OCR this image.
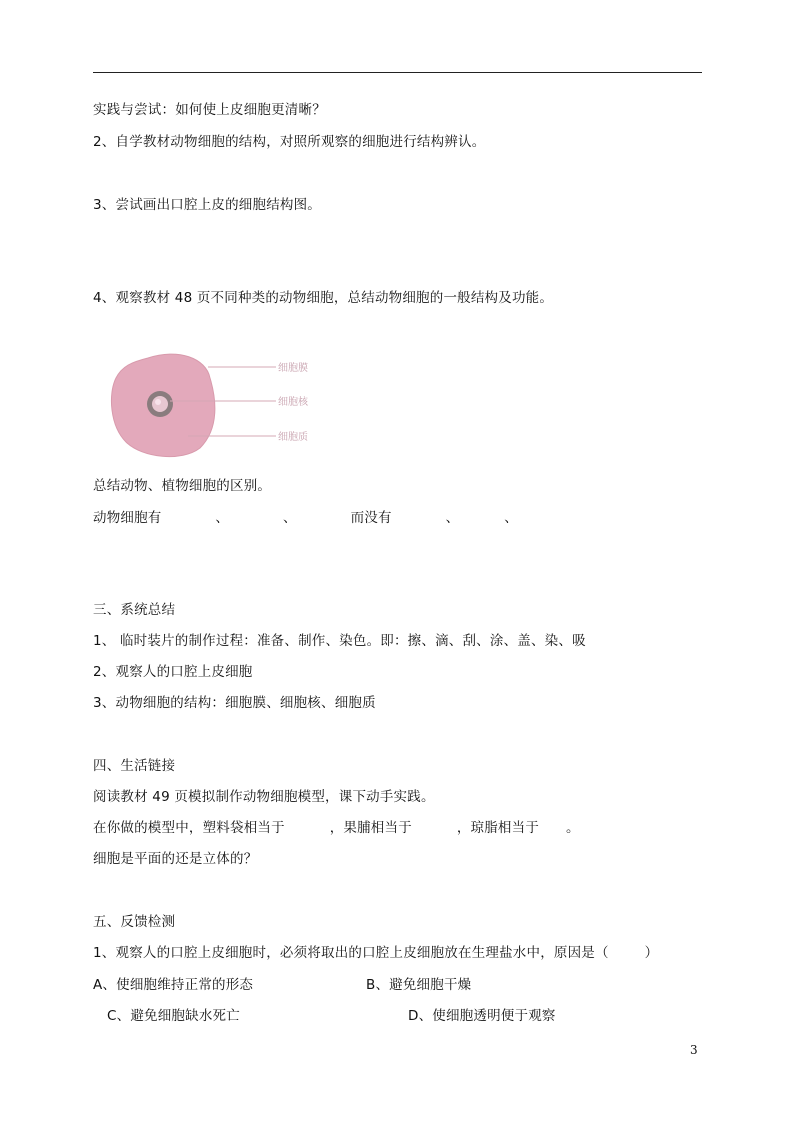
实践与尝试：如何使上皮细胞更清晰？
2、自学教材动物细胞的结构，对照所观察的细胞进行结构辨认。
3、尝试画出口腔上皮的细胞结构图。
4、观察教材 48 页不同种类的动物细胞，总结动物细胞的一般结构及功能。
细胞膜
细胞核
细胞质
总结动物、植物细胞的区别。
动物细胞有            、            、            而没有            、          、
三、系统总结
1、 临时装片的制作过程：准备、制作、染色。即：擦、滴、刮、涂、盖、染、吸
2、观察人的口腔上皮细胞
3、动物细胞的结构：细胞膜、细胞核、细胞质
四、生活链接
阅读教材 49 页模拟制作动物细胞模型，课下动手实践。
在你做的模型中，塑料袋相当于          ，果脯相当于          ，琼脂相当于      。
细胞是平面的还是立体的？
五、反馈检测
1、观察人的口腔上皮细胞时，必须将取出的口腔上皮细胞放在生理盐水中，原因是（        ）
A、使细胞维持正常的形态	B、避免细胞干燥
C、避免细胞缺水死亡	D、使细胞透明便于观察
3
